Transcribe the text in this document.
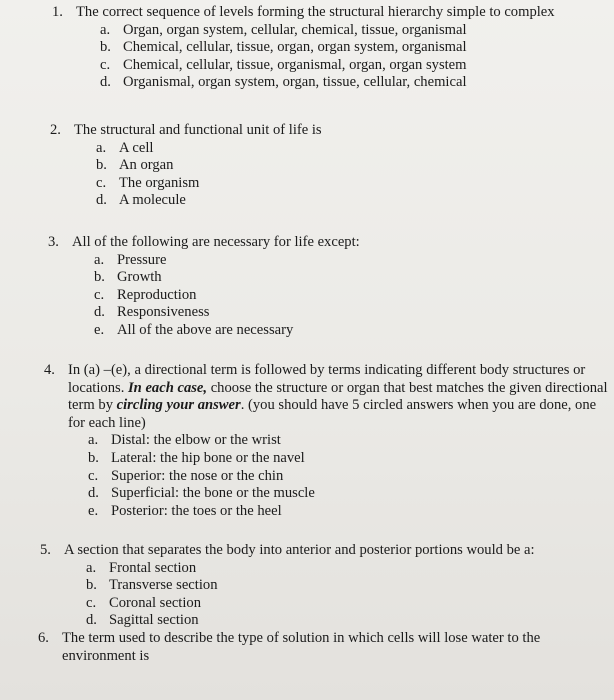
1. The correct sequence of levels forming the structural hierarchy simple to complex
a. Organ, organ system, cellular, chemical, tissue, organismal
b. Chemical, cellular, tissue, organ, organ system, organismal
c. Chemical, cellular, tissue, organismal, organ, organ system
d. Organismal, organ system, organ, tissue, cellular, chemical
2. The structural and functional unit of life is
a. A cell
b. An organ
c. The organism
d. A molecule
3. All of the following are necessary for life except:
a. Pressure
b. Growth
c. Reproduction
d. Responsiveness
e. All of the above are necessary
4. In (a) –(e), a directional term is followed by terms indicating different body structures or locations. In each case, choose the structure or organ that best matches the given directional term by circling your answer. (you should have 5 circled answers when you are done, one for each line)
a. Distal: the elbow or the wrist
b. Lateral: the hip bone or the navel
c. Superior: the nose or the chin
d. Superficial: the bone or the muscle
e. Posterior: the toes or the heel
5. A section that separates the body into anterior and posterior portions would be a:
a. Frontal section
b. Transverse section
c. Coronal section
d. Sagittal section
6. The term used to describe the type of solution in which cells will lose water to the environment is
